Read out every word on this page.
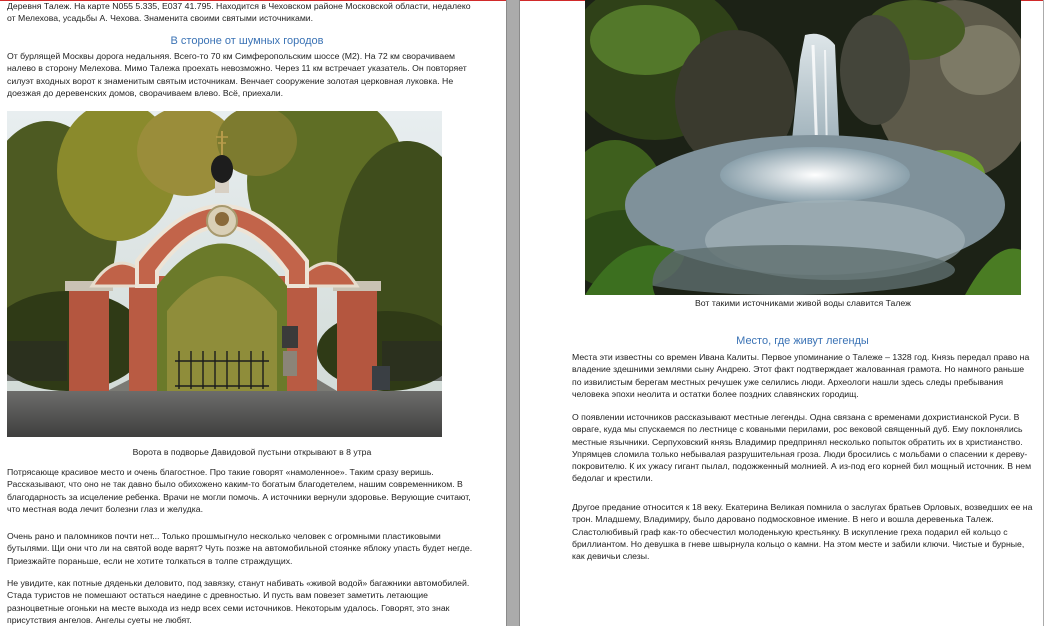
Деревня Талеж. На карте N055 5.335, E037 41.795. Находится в Чеховском районе Московской области, недалеко от Мелехова, усадьбы А. Чехова. Знаменита своими святыми источниками.

В стороне от шумных городов

От бурлящей Москвы дорога недальняя. Всего-то 70 км Симферопольским шоссе (М2). На 72 км сворачиваем налево в сторону Мелехова. Мимо Талежа проехать невозможно. Через 11 км встречает указатель. Он повторяет силуэт входных ворот к знаменитым святым источникам. Венчает сооружение золотая церковная луковка. Не доезжая до деревенских домов, сворачиваем влево. Всё, приехали.

Ворота в подворье Давидовой пустыни открывают в 8 утра

Потрясающе красивое место и очень благостное. Про такие говорят «намоленное». Таким сразу веришь. Рассказывают, что оно не так давно было обихожено каким-то богатым благодетелем, нашим современником. В благодарность за исцеление ребенка. Врачи не могли помочь. А источники вернули здоровье. Верующие считают, что местная вода лечит болезни глаз и желудка.

Очень рано и паломников почти нет... Только прошмыгнуло несколько человек с огромными пластиковыми бутылями. Щи они что ли на святой воде варят? Чуть позже на автомобильной стоянке яблоку упасть будет негде. Приезжайте пораньше, если не хотите толкаться в толпе страждущих.

Не увидите, как потные дяденьки деловито, под завязку, станут набивать «живой водой» багажники автомобилей. Стада туристов не помешают остаться наедине с древностью. И пусть вам повезет заметить летающие разноцветные огоньки на месте выхода из недр всех семи источников. Некоторым удалось. Говорят, это знак присутствия ангелов. Ангелы суеты не любят.

Вот такими источниками живой воды славится Талеж

Место, где живут легенды

Места эти известны со времен Ивана Калиты. Первое упоминание о Талеже – 1328 год. Князь передал право на владение здешними землями сыну Андрею. Этот факт подтверждает жалованная грамота. Но намного раньше по извилистым берегам местных речушек уже селились люди. Археологи нашли здесь следы пребывания человека эпохи неолита и остатки более поздних славянских городищ.

О появлении источников рассказывают местные легенды. Одна связана с временами дохристианской Руси. В овраге, куда мы спускаемся по лестнице с коваными перилами, рос вековой священный дуб. Ему поклонялись местные язычники. Серпуховский князь Владимир предпринял несколько попыток обратить их в христианство. Упрямцев сломила только небывалая разрушительная гроза. Люди бросились с мольбами о спасении к дереву-покровителю. К их ужасу гигант пылал, подожженный молнией. А из-под его корней бил мощный источник. В нем бедолаг и крестили.

Другое предание относится к 18 веку. Екатерина Великая помнила о заслугах братьев Орловых, возведших ее на трон. Младшему, Владимиру, было даровано подмосковное имение. В него и вошла деревенька Талеж. Сластолюбивый граф как-то обесчестил молоденькую крестьянку. В искупление греха подарил ей кольцо с бриллиантом. Но девушка в гневе швырнула кольцо о камни. На этом месте и забили ключи. Чистые и бурные, как девичьи слезы.
